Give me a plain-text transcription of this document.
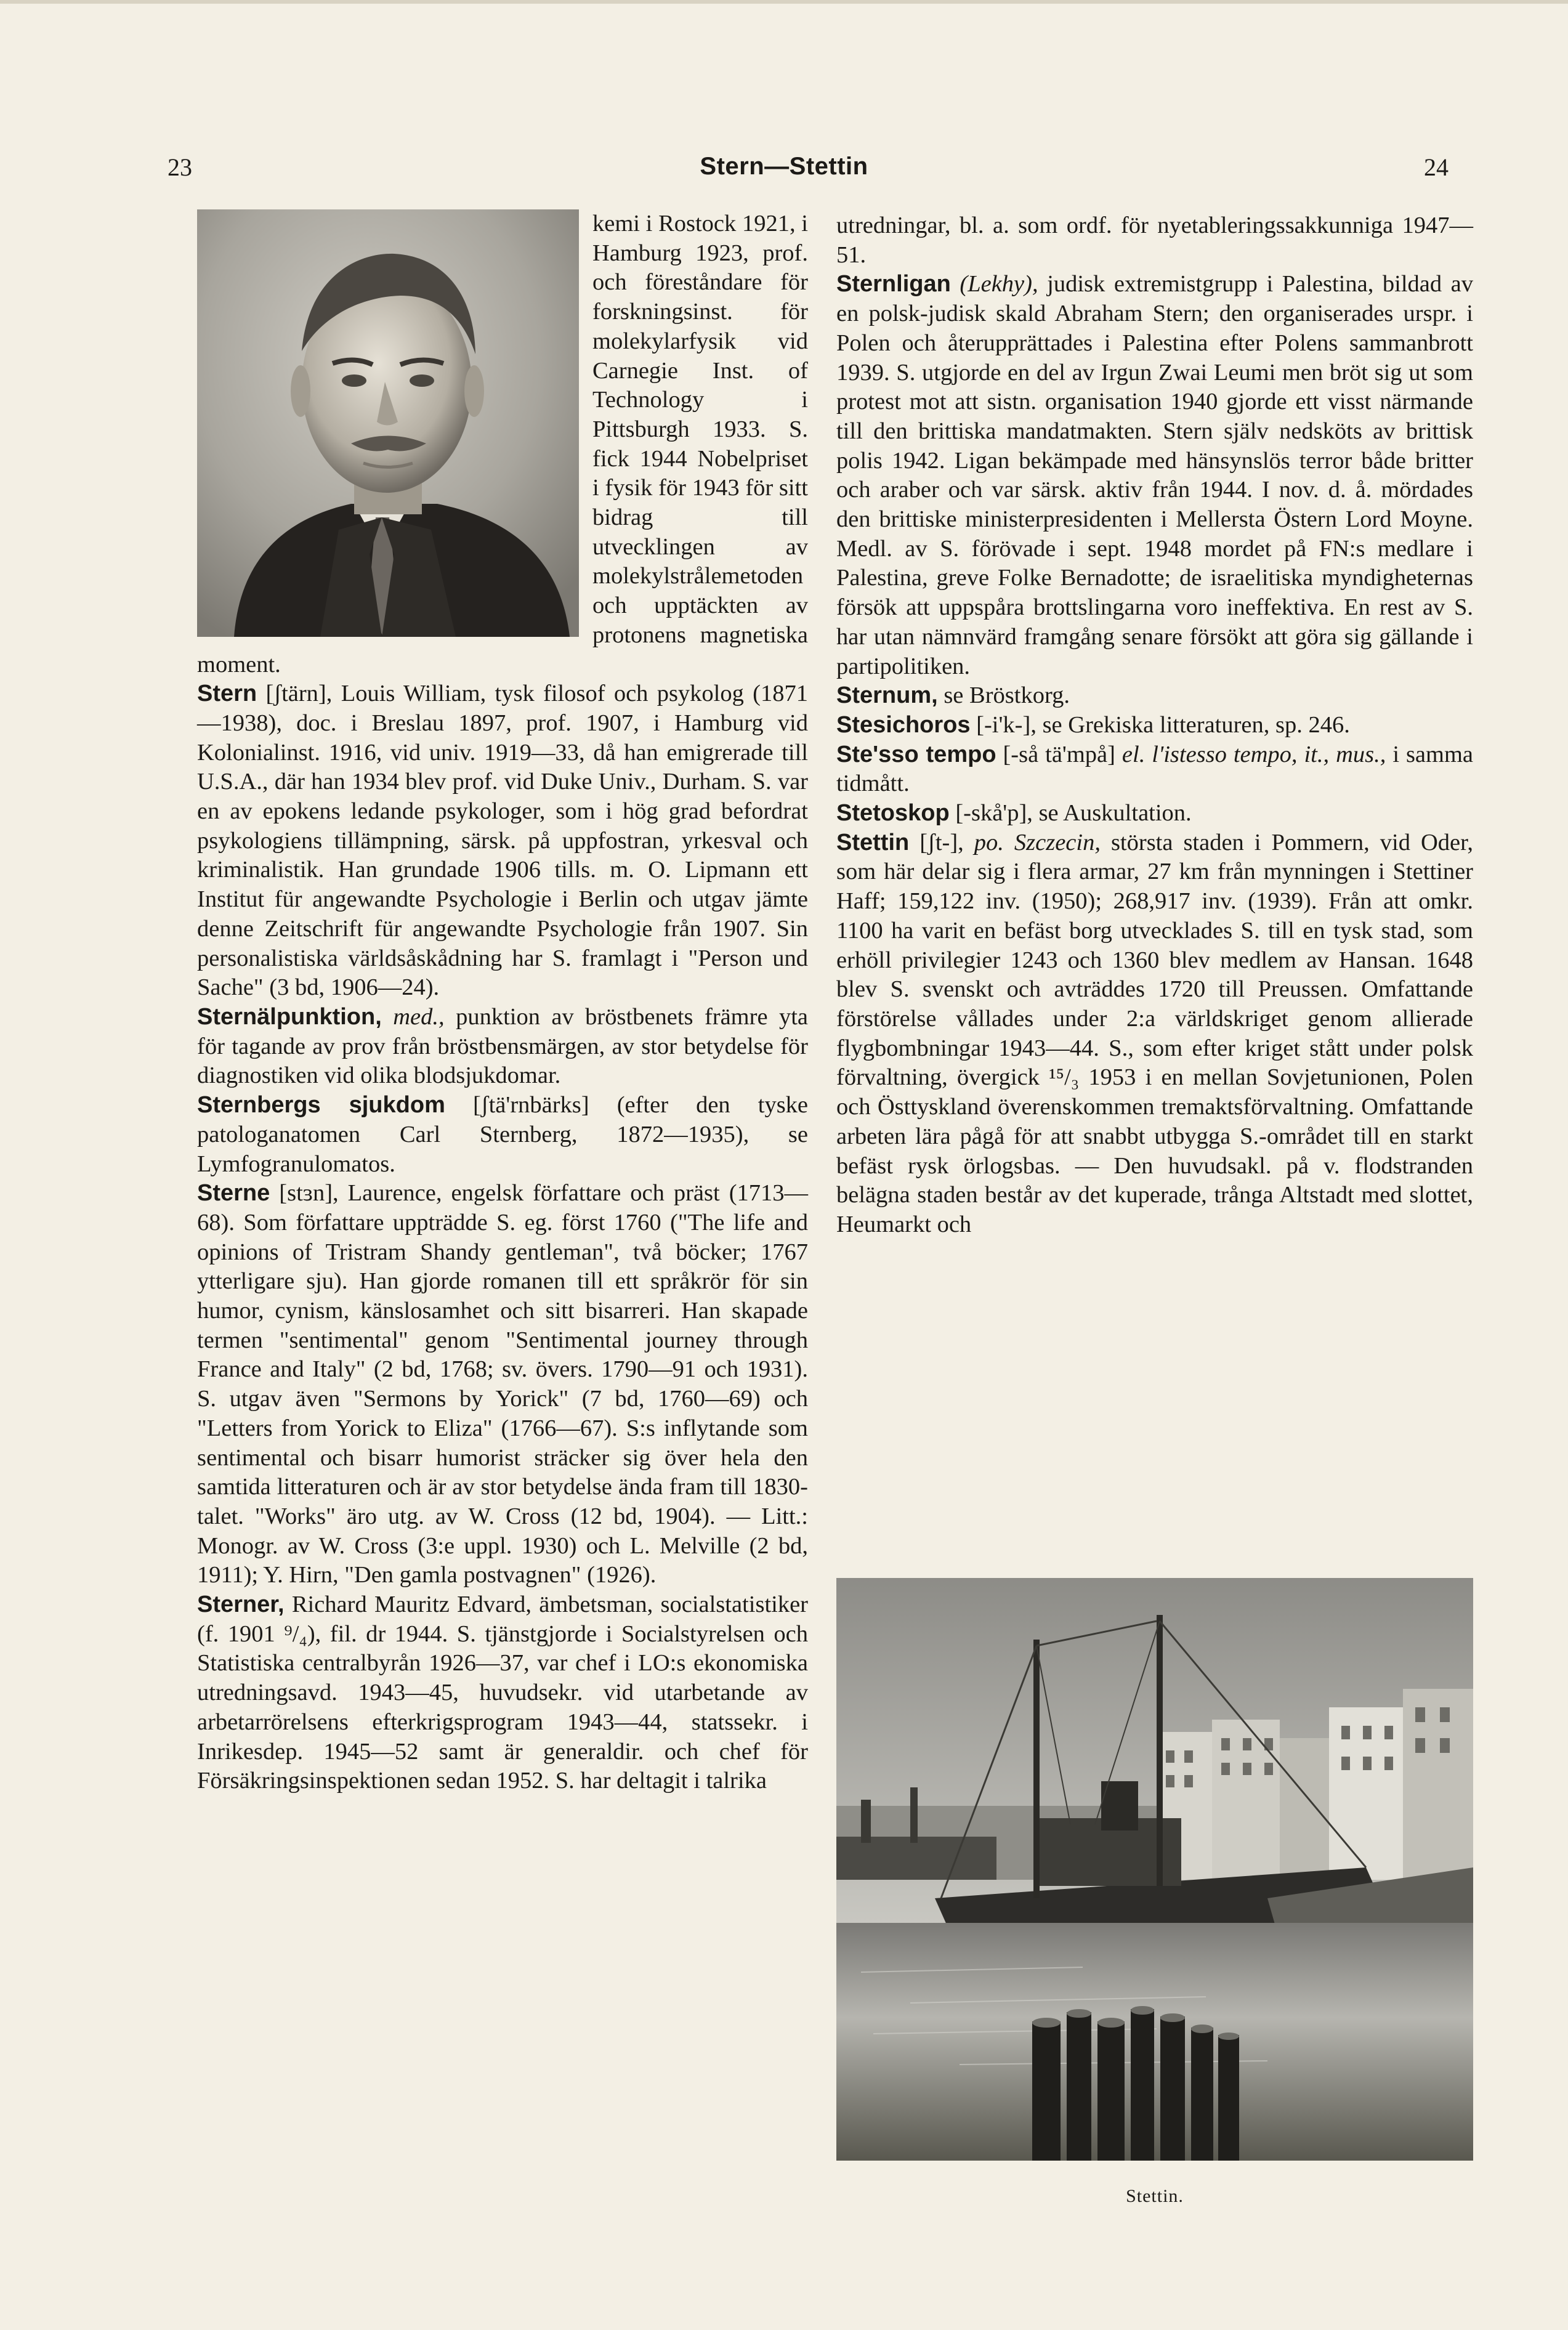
23	Stern—Stettin	24

kemi i Rostock 1921, i Hamburg 1923, prof. och föreståndare för forskningsinst. för molekylarfysik vid Carnegie Inst. of Technology i Pittsburgh 1933. S. fick 1944 Nobelpriset i fysik för 1943 för sitt bidrag till utvecklingen av molekylstrålemetoden och upptäckten av protonens magnetiska moment.

Stern [ʃtärn], Louis William, tysk filosof och psykolog (1871—1938), doc. i Breslau 1897, prof. 1907, i Hamburg vid Kolonialinst. 1916, vid univ. 1919—33, då han emigrerade till U.S.A., där han 1934 blev prof. vid Duke Univ., Durham. S. var en av epokens ledande psykologer, som i hög grad befordrat psykologiens tillämpning, särsk. på uppfostran, yrkesval och kriminalistik. Han grundade 1906 tills. m. O. Lipmann ett Institut für angewandte Psychologie i Berlin och utgav jämte denne Zeitschrift für angewandte Psychologie från 1907. Sin personalistiska världsåskådning har S. framlagt i "Person und Sache" (3 bd, 1906—24).

Sternälpunktion, med., punktion av bröstbenets främre yta för tagande av prov från bröstbensmärgen, av stor betydelse för diagnostiken vid olika blodsjukdomar.

Sternbergs sjukdom [ʃtä'rnbärks] (efter den tyske patologanatomen Carl Sternberg, 1872—1935), se Lymfogranulomatos.

Sterne [stɜn], Laurence, engelsk författare och präst (1713—68). Som författare uppträdde S. eg. först 1760 ("The life and opinions of Tristram Shandy gentleman", två böcker; 1767 ytterligare sju). Han gjorde romanen till ett språkrör för sin humor, cynism, känslosamhet och sitt bisarreri. Han skapade termen "sentimental" genom "Sentimental journey through France and Italy" (2 bd, 1768; sv. övers. 1790—91 och 1931). S. utgav även "Sermons by Yorick" (7 bd, 1760—69) och "Letters from Yorick to Eliza" (1766—67). S:s inflytande som sentimental och bisarr humorist sträcker sig över hela den samtida litteraturen och är av stor betydelse ända fram till 1830-talet. "Works" äro utg. av W. Cross (12 bd, 1904). — Litt.: Monogr. av W. Cross (3:e uppl. 1930) och L. Melville (2 bd, 1911); Y. Hirn, "Den gamla postvagnen" (1926).

Sterner, Richard Mauritz Edvard, ämbetsman, socialstatistiker (f. 1901 ⁹/₄), fil. dr 1944. S. tjänstgjorde i Socialstyrelsen och Statistiska centralbyrån 1926—37, var chef i LO:s ekonomiska utredningsavd. 1943—45, huvudsekr. vid utarbetande av arbetarrörelsens efterkrigsprogram 1943—44, statssekr. i Inrikesdep. 1945—52 samt är generaldir. och chef för Försäkringsinspektionen sedan 1952. S. har deltagit i talrika

utredningar, bl. a. som ordf. för nyetableringssakkunniga 1947—51.

Sternligan (Lekhy), judisk extremistgrupp i Palestina, bildad av en polsk-judisk skald Abraham Stern; den organiserades urspr. i Polen och återupprättades i Palestina efter Polens sammanbrott 1939. S. utgjorde en del av Irgun Zwai Leumi men bröt sig ut som protest mot att sistn. organisation 1940 gjorde ett visst närmande till den brittiska mandatmakten. Stern själv nedsköts av brittisk polis 1942. Ligan bekämpade med hänsynslös terror både britter och araber och var särsk. aktiv från 1944. I nov. d. å. mördades den brittiske ministerpresidenten i Mellersta Östern Lord Moyne. Medl. av S. förövade i sept. 1948 mordet på FN:s medlare i Palestina, greve Folke Bernadotte; de israelitiska myndigheternas försök att uppspåra brottslingarna voro ineffektiva. En rest av S. har utan nämnvärd framgång senare försökt att göra sig gällande i partipolitiken.

Sternum, se Bröstkorg.

Stesichoros [-i'k-], se Grekiska litteraturen, sp. 246.

Ste'sso tempo [-så tä'mpå] el. l'istesso tempo, it., mus., i samma tidmått.

Stetoskop [-skå'p], se Auskultation.

Stettin [ʃt-], po. Szczecin, största staden i Pommern, vid Oder, som här delar sig i flera armar, 27 km från mynningen i Stettiner Haff; 159,122 inv. (1950); 268,917 inv. (1939). Från att omkr. 1100 ha varit en befäst borg utvecklades S. till en tysk stad, som erhöll privilegier 1243 och 1360 blev medlem av Hansan. 1648 blev S. svenskt och avträddes 1720 till Preussen. Omfattande förstörelse vållades under 2:a världskriget genom allierade flygbombningar 1943—44. S., som efter kriget stått under polsk förvaltning, övergick ¹⁵/₃ 1953 i en mellan Sovjetunionen, Polen och Östtyskland överenskommen tremaktsförvaltning. Omfattande arbeten lära pågå för att snabbt utbygga S.-området till en starkt befäst rysk örlogsbas. — Den huvudsakl. på v. flodstranden belägna staden består av det kuperade, trånga Altstadt med slottet, Heumarkt och

Stettin.
